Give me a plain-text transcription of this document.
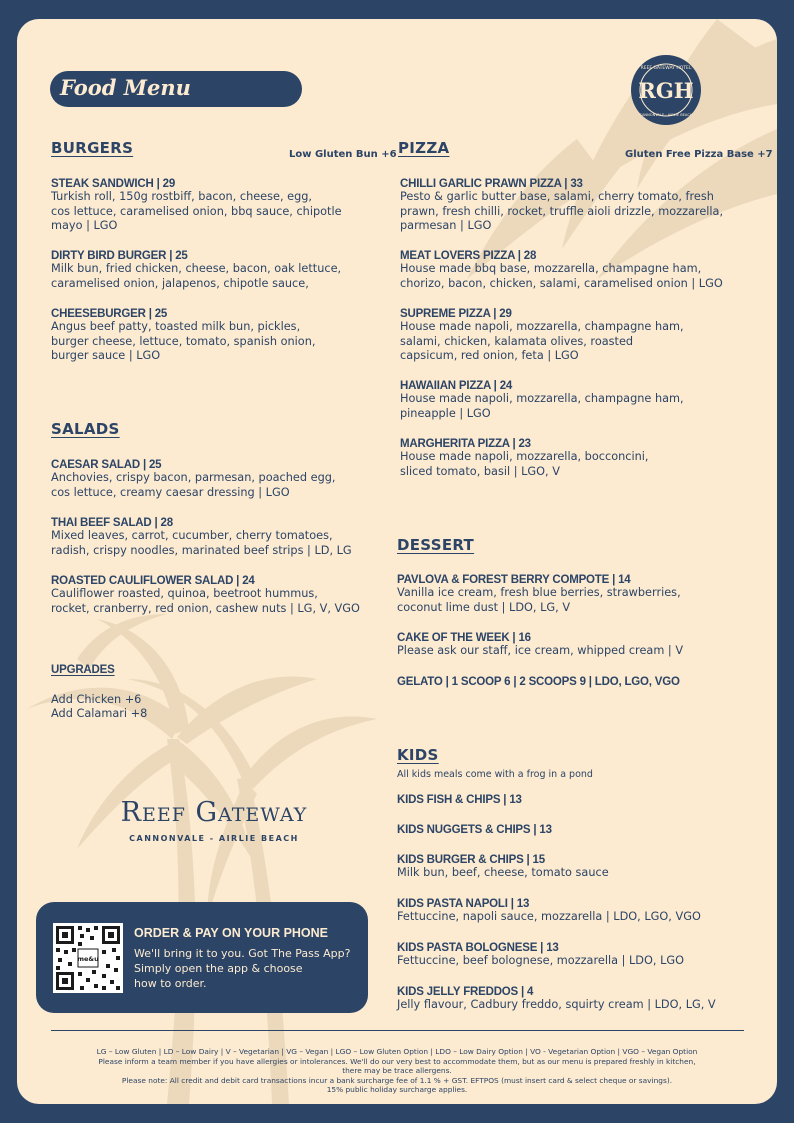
Food Menu	RGH
REEF GATEWAY HOTEL
CANNONVALE · AIRLIE BEACH
BURGERS	Low Gluten Bun +6
STEAK SANDWICH | 29
Turkish roll, 150g rostbiff, bacon, cheese, egg,
cos lettuce, caramelised onion, bbq sauce, chipotle
mayo | LGO
DIRTY BIRD BURGER | 25
Milk bun, fried chicken, cheese, bacon, oak lettuce,
caramelised onion, jalapenos, chipotle sauce,
CHEESEBURGER | 25
Angus beef patty, toasted milk bun, pickles,
burger cheese, lettuce, tomato, spanish onion,
burger sauce | LGO
SALADS
CAESAR SALAD | 25
Anchovies, crispy bacon, parmesan, poached egg,
cos lettuce, creamy caesar dressing | LGO
THAI BEEF SALAD | 28
Mixed leaves, carrot, cucumber, cherry tomatoes,
radish, crispy noodles, marinated beef strips | LD, LG
ROASTED CAULIFLOWER SALAD | 24
Cauliflower roasted, quinoa, beetroot hummus,
rocket, cranberry, red onion, cashew nuts | LG, V, VGO
UPGRADES
Add Chicken +6
Add Calamari +8
PIZZA	Gluten Free Pizza Base +7
CHILLI GARLIC PRAWN PIZZA | 33
Pesto & garlic butter base, salami, cherry tomato, fresh
prawn, fresh chilli, rocket, truffle aioli drizzle, mozzarella,
parmesan | LGO
MEAT LOVERS PIZZA | 28
House made bbq base, mozzarella, champagne ham,
chorizo, bacon, chicken, salami, caramelised onion | LGO
SUPREME PIZZA | 29
House made napoli, mozzarella, champagne ham,
salami, chicken, kalamata olives, roasted
capsicum, red onion, feta | LGO
HAWAIIAN PIZZA | 24
House made napoli, mozzarella, champagne ham,
pineapple | LGO
MARGHERITA PIZZA | 23
House made napoli, mozzarella, bocconcini,
sliced tomato, basil | LGO, V
DESSERT
PAVLOVA & FOREST BERRY COMPOTE | 14
Vanilla ice cream, fresh blue berries, strawberries,
coconut lime dust | LDO, LG, V
CAKE OF THE WEEK | 16
Please ask our staff, ice cream, whipped cream | V
GELATO | 1 SCOOP 6 | 2 SCOOPS 9 | LDO, LGO, VGO
KIDS
All kids meals come with a frog in a pond
KIDS FISH & CHIPS | 13
KIDS NUGGETS & CHIPS | 13
KIDS BURGER & CHIPS | 15
Milk bun, beef, cheese, tomato sauce
KIDS PASTA NAPOLI | 13
Fettuccine, napoli sauce, mozzarella | LDO, LGO, VGO
KIDS PASTA BOLOGNESE | 13
Fettuccine, beef bolognese, mozzarella | LDO, LGO
KIDS JELLY FREDDOS | 4
Jelly flavour, Cadbury freddo, squirty cream | LDO, LG, V
Reef Gateway
CANNONVALE - AIRLIE BEACH
me&u
ORDER & PAY ON YOUR PHONE
We'll bring it to you. Got The Pass App?
Simply open the app & choose
how to order.
LG – Low Gluten | LD – Low Dairy | V – Vegetarian | VG – Vegan | LGO – Low Gluten Option | LDO – Low Dairy Option | VO - Vegetarian Option | VGO – Vegan Option
Please inform a team member if you have allergies or intolerances. We'll do our very best to accommodate them, but as our menu is prepared freshly in kitchen,
there may be trace allergens.
Please note: All credit and debit card transactions incur a bank surcharge fee of 1.1 % + GST. EFTPOS (must insert card & select cheque or savings).
15% public holiday surcharge applies.
